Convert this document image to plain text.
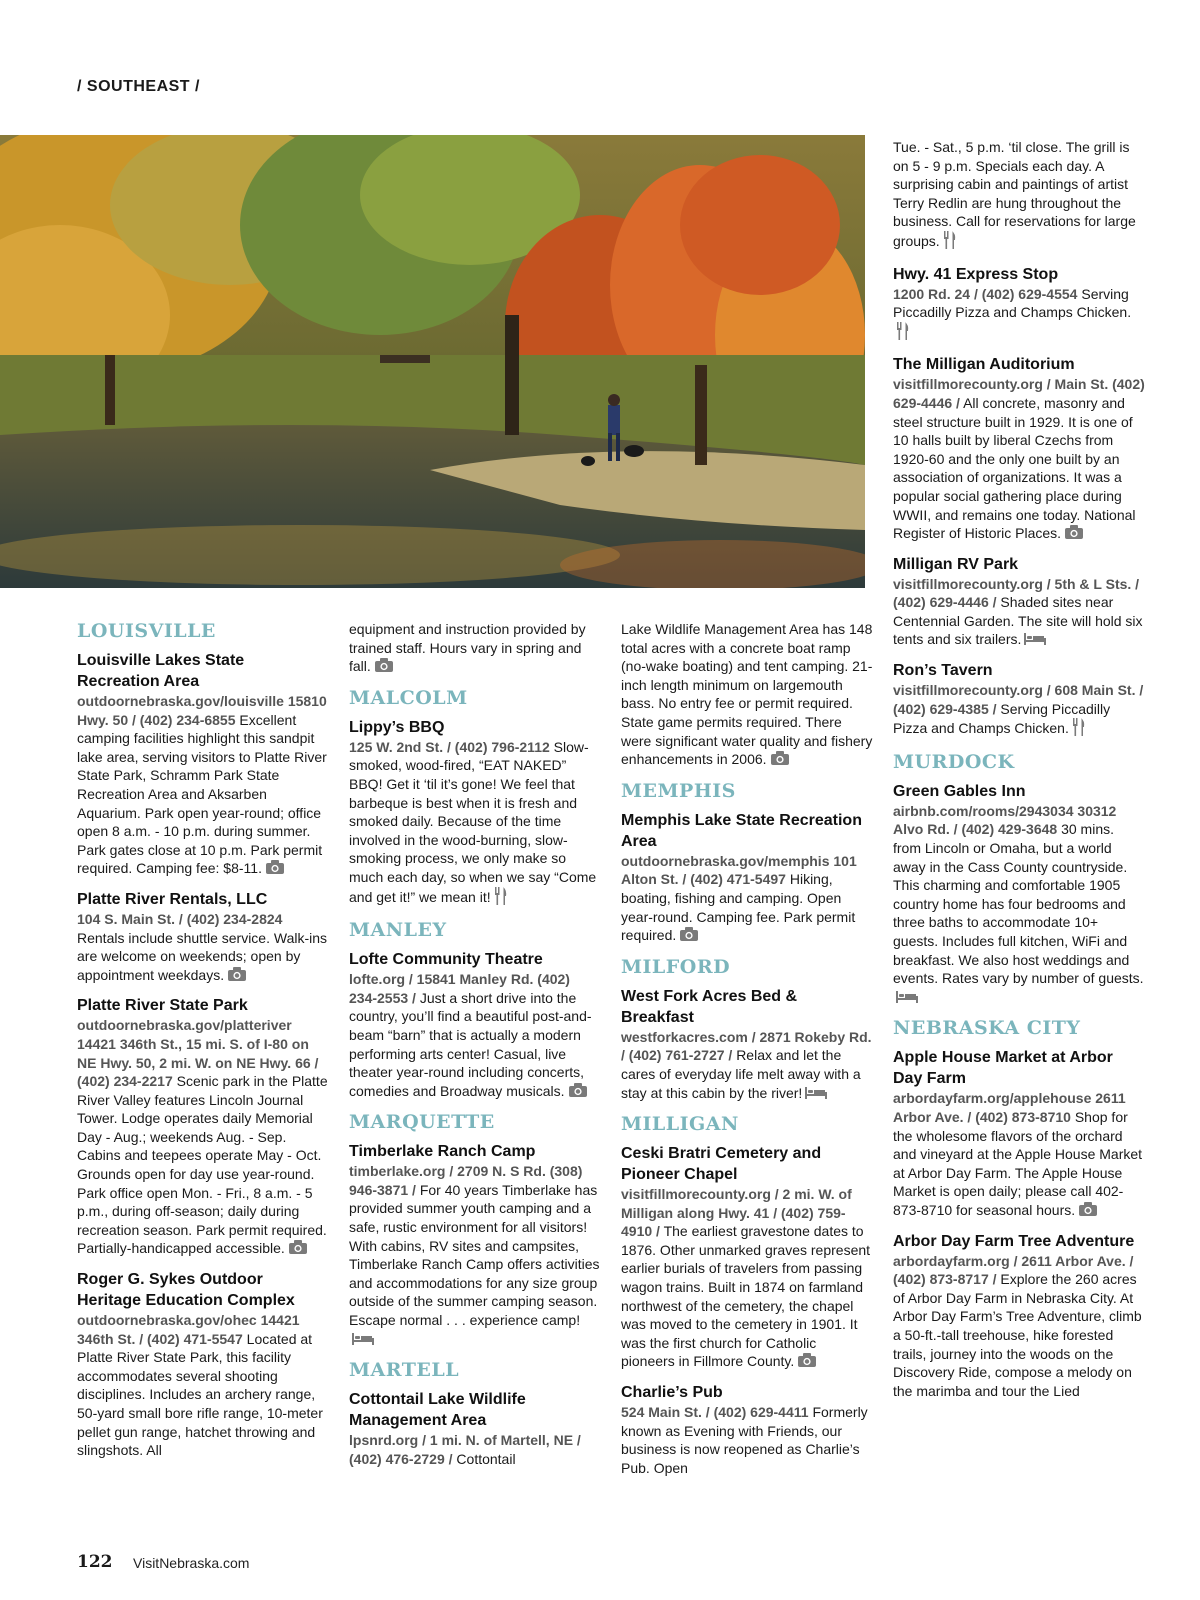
/ SOUTHEAST /
LOUISVILLE
Louisville Lakes State Recreation Area

outdoornebraska.gov/louisville 15810 Hwy. 50 / (402) 234-6855 Excellent camping facilities highlight this sandpit lake area, serving visitors to Platte River State Park, Schramm Park State Recreation Area and Aksarben Aquarium. Park open year-round; office open 8 a.m. - 10 p.m. during summer. Park gates close at 10 p.m. Park permit required. Camping fee: $8-11.

Platte River Rentals, LLC

104 S. Main St. / (402) 234-2824 Rentals include shuttle service. Walk-ins are welcome on weekends; open by appointment weekdays.

Platte River State Park

outdoornebraska.gov/platteriver 14421 346th St., 15 mi. S. of I-80 on NE Hwy. 50, 2 mi. W. on NE Hwy. 66 / (402) 234-2217 Scenic park in the Platte River Valley features Lincoln Journal Tower. Lodge operates daily Memorial Day - Aug.; weekends Aug. - Sep. Cabins and teepees operate May - Oct. Grounds open for day use year-round. Park office open Mon. - Fri., 8 a.m. - 5 p.m., during off-season; daily during recreation season. Park permit required. Partially-handicapped accessible.

Roger G. Sykes Outdoor Heritage Education Complex

outdoornebraska.gov/ohec 14421 346th St. / (402) 471-5547 Located at Platte River State Park, this facility accommodates several shooting disciplines. Includes an archery range, 50-yard small bore rifle range, 10-meter pellet gun range, hatchet throwing and slingshots. All

equipment and instruction provided by trained staff. Hours vary in spring and fall.

MALCOLM
Lippy’s BBQ

125 W. 2nd St. / (402) 796-2112 Slow-smoked, wood-fired, “EAT NAKED” BBQ! Get it ‘til it’s gone! We feel that barbeque is best when it is fresh and smoked daily. Because of the time involved in the wood-burning, slow-smoking process, we only make so much each day, so when we say “Come and get it!” we mean it!

MANLEY
Lofte Community Theatre

lofte.org / 15841 Manley Rd. (402) 234-2553 / Just a short drive into the country, you’ll find a beautiful post-and-beam “barn” that is actually a modern performing arts center! Casual, live theater year-round including concerts, comedies and Broadway musicals.

MARQUETTE
Timberlake Ranch Camp

timberlake.org / 2709 N. S Rd. (308) 946-3871 / For 40 years Timberlake has provided summer youth camping and a safe, rustic environment for all visitors! With cabins, RV sites and campsites, Timberlake Ranch Camp offers activities and accommodations for any size group outside of the summer camping season. Escape normal . . . experience camp!

MARTELL
Cottontail Lake Wildlife Management Area

lpsnrd.org / 1 mi. N. of Martell, NE / (402) 476-2729 / Cottontail

Lake Wildlife Management Area has 148 total acres with a concrete boat ramp (no-wake boating) and tent camping. 21-inch length minimum on largemouth bass. No entry fee or permit required. State game permits required. There were significant water quality and fishery enhancements in 2006.

MEMPHIS
Memphis Lake State Recreation Area

outdoornebraska.gov/memphis 101 Alton St. / (402) 471-5497 Hiking, boating, fishing and camping. Open year-round. Camping fee. Park permit required.

MILFORD
West Fork Acres Bed & Breakfast

westforkacres.com / 2871 Rokeby Rd. / (402) 761-2727 / Relax and let the cares of everyday life melt away with a stay at this cabin by the river!

MILLIGAN
Ceski Bratri Cemetery and Pioneer Chapel

visitfillmorecounty.org / 2 mi. W. of Milligan along Hwy. 41 / (402) 759-4910 / The earliest gravestone dates to 1876. Other unmarked graves represent earlier burials of travelers from passing wagon trains. Built in 1874 on farmland northwest of the cemetery, the chapel was moved to the cemetery in 1901. It was the first church for Catholic pioneers in Fillmore County.

Charlie’s Pub

524 Main St. / (402) 629-4411 Formerly known as Evening with Friends, our business is now reopened as Charlie’s Pub. Open

Tue. - Sat., 5 p.m. ‘til close. The grill is on 5 - 9 p.m. Specials each day. A surprising cabin and paintings of artist Terry Redlin are hung throughout the business. Call for reservations for large groups.

Hwy. 41 Express Stop

1200 Rd. 24 / (402) 629-4554 Serving Piccadilly Pizza and Champs Chicken.

The Milligan Auditorium

visitfillmorecounty.org / Main St. (402) 629-4446 / All concrete, masonry and steel structure built in 1929. It is one of 10 halls built by liberal Czechs from 1920-60 and the only one built by an association of organizations. It was a popular social gathering place during WWII, and remains one today. National Register of Historic Places.

Milligan RV Park

visitfillmorecounty.org / 5th & L Sts. / (402) 629-4446 / Shaded sites near Centennial Garden. The site will hold six tents and six trailers.

Ron’s Tavern

visitfillmorecounty.org / 608 Main St. / (402) 629-4385 / Serving Piccadilly Pizza and Champs Chicken.

MURDOCK
Green Gables Inn

airbnb.com/rooms/2943034 30312 Alvo Rd. / (402) 429-3648 30 mins. from Lincoln or Omaha, but a world away in the Cass County countryside. This charming and comfortable 1905 country home has four bedrooms and three baths to accommodate 10+ guests. Includes full kitchen, WiFi and breakfast. We also host weddings and events. Rates vary by number of guests.

NEBRASKA CITY
Apple House Market at Arbor Day Farm

arbordayfarm.org/applehouse 2611 Arbor Ave. / (402) 873-8710 Shop for the wholesome flavors of the orchard and vineyard at the Apple House Market at Arbor Day Farm. The Apple House Market is open daily; please call 402-873-8710 for seasonal hours.

Arbor Day Farm Tree Adventure

arbordayfarm.org / 2611 Arbor Ave. / (402) 873-8717 / Explore the 260 acres of Arbor Day Farm in Nebraska City. At Arbor Day Farm’s Tree Adventure, climb a 50-ft.-tall treehouse, hike forested trails, journey into the woods on the Discovery Ride, compose a melody on the marimba and tour the Lied

122 VisitNebraska.com
